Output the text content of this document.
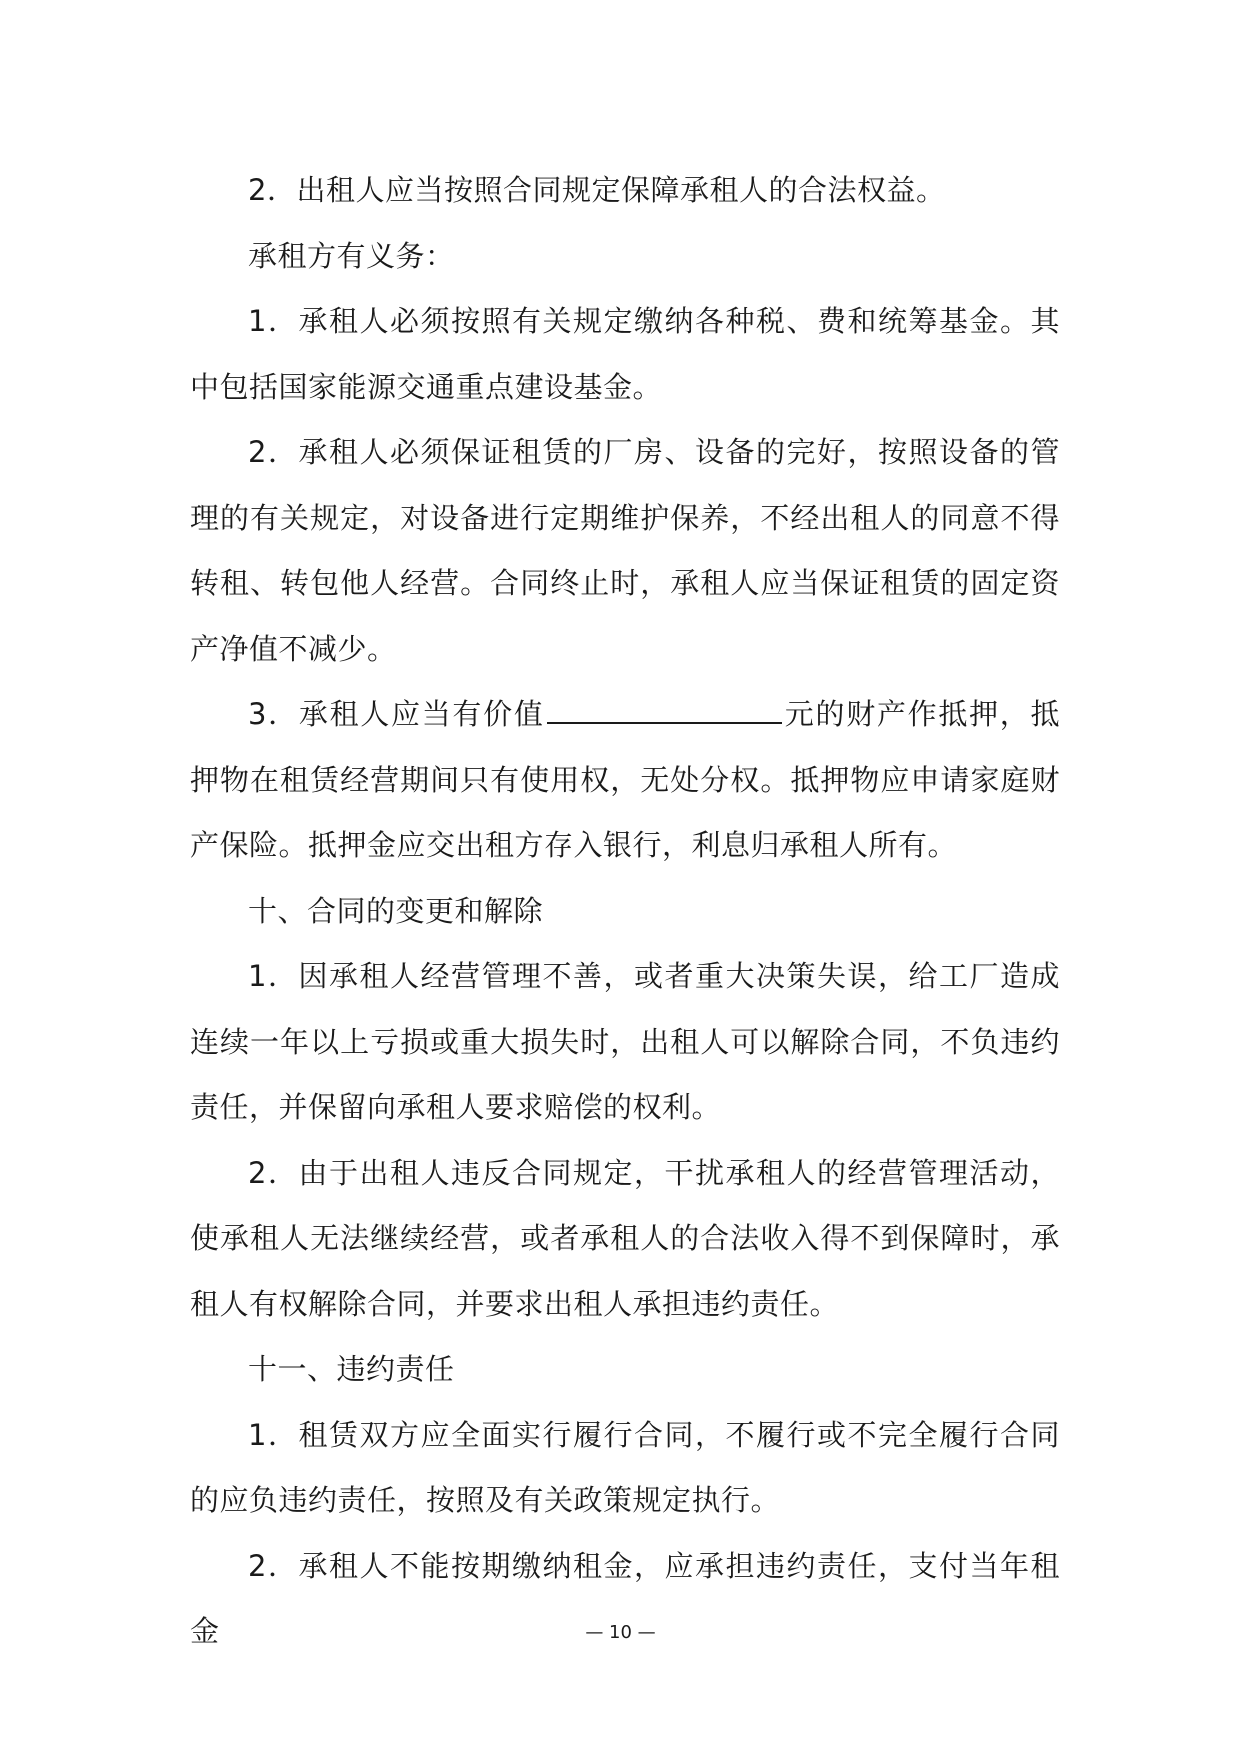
2．出租人应当按照合同规定保障承租人的合法权益。

承租方有义务：

1．承租人必须按照有关规定缴纳各种税、费和统筹基金。其中包括国家能源交通重点建设基金。

2．承租人必须保证租赁的厂房、设备的完好，按照设备的管理的有关规定，对设备进行定期维护保养，不经出租人的同意不得转租、转包他人经营。合同终止时，承租人应当保证租赁的固定资产净值不减少。

3．承租人应当有价值	元的财产作抵押，抵押物在租赁经营期间只有使用权，无处分权。抵押物应申请家庭财产保险。抵押金应交出租方存入银行，利息归承租人所有。

十、合同的变更和解除

1．因承租人经营管理不善，或者重大决策失误，给工厂造成连续一年以上亏损或重大损失时，出租人可以解除合同，不负违约责任，并保留向承租人要求赔偿的权利。

2．由于出租人违反合同规定，干扰承租人的经营管理活动，使承租人无法继续经营，或者承租人的合法收入得不到保障时，承租人有权解除合同，并要求出租人承担违约责任。

十一、违约责任

1．租赁双方应全面实行履行合同，不履行或不完全履行合同的应负违约责任，按照及有关政策规定执行。

2．承租人不能按期缴纳租金，应承担违约责任，支付当年租金	— 10 —
